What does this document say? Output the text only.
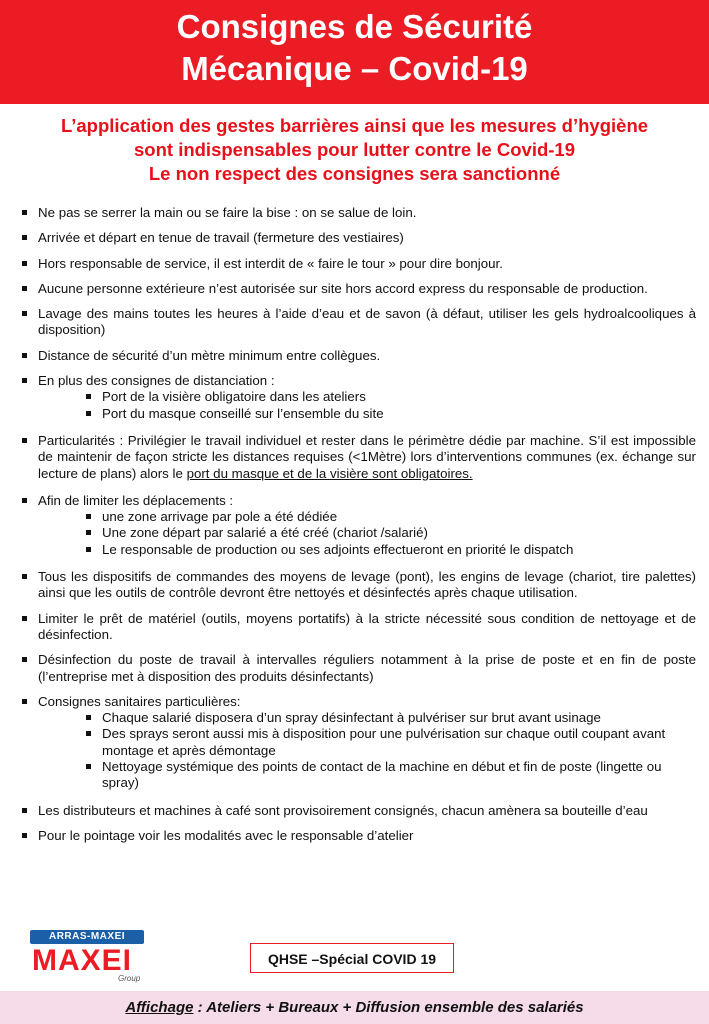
Consignes de Sécurité
Mécanique – Covid-19
L’application des gestes barrières ainsi que les mesures d’hygiène
sont indispensables pour lutter contre le Covid-19
Le non respect des consignes sera sanctionné
Ne pas se serrer la main ou se faire la bise : on se salue de loin.
Arrivée et départ en tenue de travail (fermeture des vestiaires)
Hors responsable de service, il est interdit de « faire le tour » pour dire bonjour.
Aucune personne extérieure n’est autorisée sur site hors accord express du responsable de production.
Lavage des mains toutes les heures à l’aide d’eau et de savon (à défaut, utiliser les gels hydroalcooliques à disposition)
Distance de sécurité d’un mètre minimum entre collègues.
En plus des consignes de distanciation :
Port de la visière obligatoire dans les ateliers
Port du masque conseillé sur l’ensemble du site
Particularités : Privilégier le travail individuel et rester dans le périmètre dédie par machine. S’il est impossible de maintenir de façon stricte les distances requises (<1Mètre) lors d’interventions communes (ex. échange sur lecture de plans) alors le port du masque et de la visière sont obligatoires.
Afin de limiter les déplacements :
une zone arrivage par pole a été dédiée
Une zone départ par salarié a été créé (chariot /salarié)
Le responsable de production ou ses adjoints effectueront en priorité le dispatch
Tous les dispositifs de commandes des moyens de levage (pont), les engins de levage (chariot, tire palettes) ainsi que les outils de contrôle devront être nettoyés et désinfectés après chaque utilisation.
Limiter le prêt de matériel (outils, moyens portatifs) à la stricte nécessité sous condition de nettoyage et de désinfection.
Désinfection du poste de travail à intervalles réguliers notamment à la prise de poste et en fin de poste (l’entreprise met à disposition des produits désinfectants)
Consignes sanitaires particulières:
Chaque salarié disposera d’un spray désinfectant à pulvériser sur brut avant usinage
Des sprays seront aussi mis à disposition pour une pulvérisation sur chaque outil coupant avant montage et après démontage
Nettoyage systémique des points de contact de la machine en début et fin de poste (lingette ou spray)
Les distributeurs et machines à café sont provisoirement consignés, chacun amènera sa bouteille d’eau
Pour le pointage voir les modalités avec le responsable d’atelier
ARRAS-MAXEI
MAXEI
Group
QHSE –Spécial COVID 19
Affichage : Ateliers + Bureaux + Diffusion ensemble des salariés
